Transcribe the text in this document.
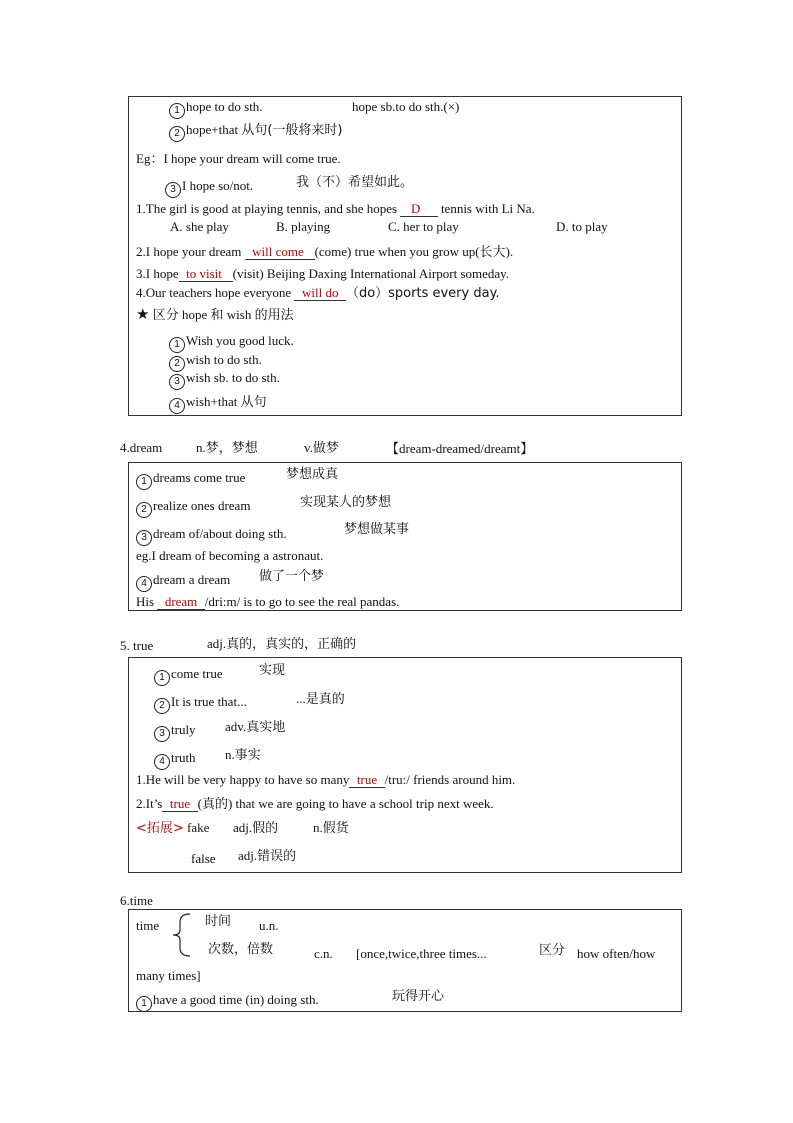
1 hope to do sth.	hope sb.to do sth.(×)
2 hope+that 从句(一般将来时)
Eg：I hope your dream will come true.
3 I hope so/not.	我（不）希望如此。
1.The girl is good at playing tennis, and she hopes    D      tennis with Li Na.
A. she play	B. playing	C. her to play	D. to play
2.I hope your dream   will come (come) true when you grow up(长大).
3.I hope to visit (visit) Beijing Daxing International Airport someday.
4.Our teachers hope everyone   will do （do）sports every day.
★ 区分 hope 和 wish 的用法
1 Wish you good luck.
2 wish to do sth.
3 wish sb. to do sth.
4 wish+that 从句
4.dream	n.梦，梦想	v.做梦	【dream-dreamed/dreamt】
1 dreams come true	梦想成真
2 realize ones dream	实现某人的梦想
3 dream of/about doing sth.	梦想做某事
eg.I dream of becoming a astronaut.
4 dream a dream 做了一个梦
His   dream /dri:m/ is to go to see the real pandas.
5. true	adj.真的，真实的，正确的
1 come true	实现
2 It is true that...	...是真的
3 truly adv.真实地
4 truth n.事实
1.He will be very happy to have so many true /tru:/ friends around him.
2.It’s true (真的) that we are going to have a school trip next week.
<拓展> fake adj.假的	n.假货
false adj.错误的
6.time
time	时间 u.n.
次数，倍数	c.n. [once,twice,three times...	区分 how often/how
many times]
1 have a good time (in) doing sth.	玩得开心
